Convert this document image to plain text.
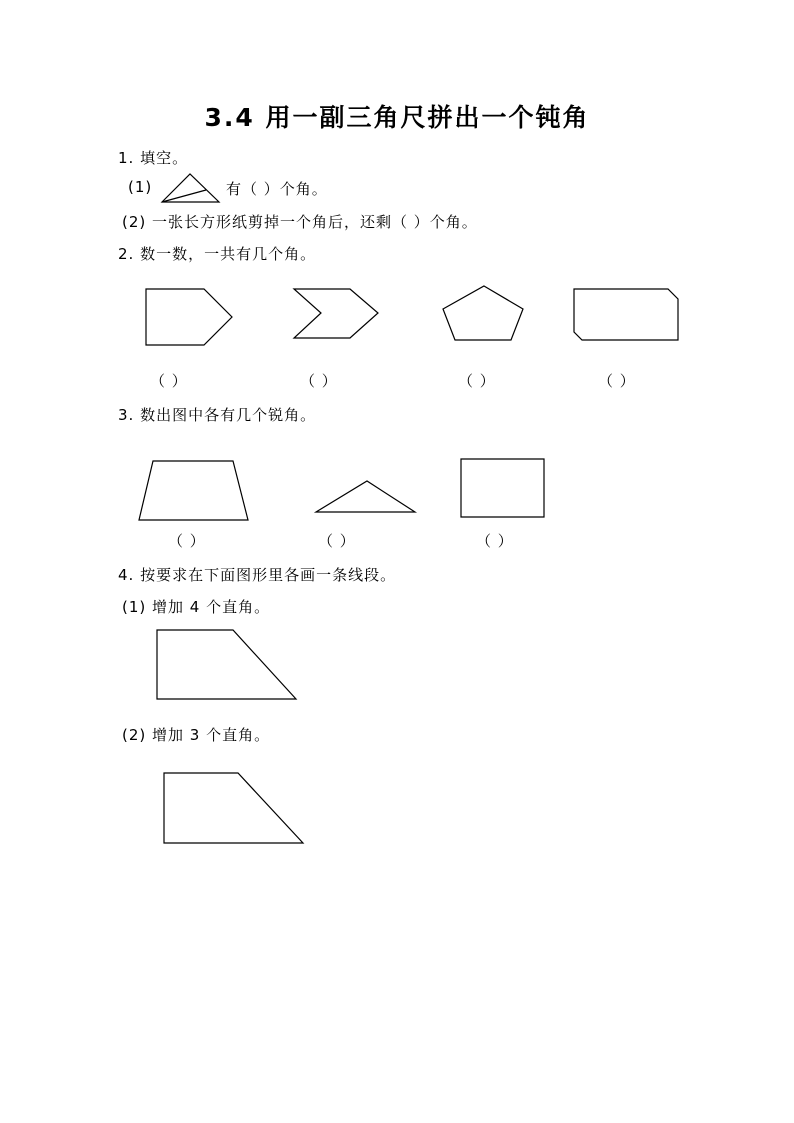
3.4 用一副三角尺拼出一个钝角
1. 填空。
(1)	有（ ）个角。
(2) 一张长方形纸剪掉一个角后，还剩（ ）个角。
2. 数一数，一共有几个角。
（ ）	（ ）	（ ）	（ ）
3. 数出图中各有几个锐角。
（ ）	（ ）	（ ）
4. 按要求在下面图形里各画一条线段。
(1) 增加 4 个直角。
(2) 增加 3 个直角。
